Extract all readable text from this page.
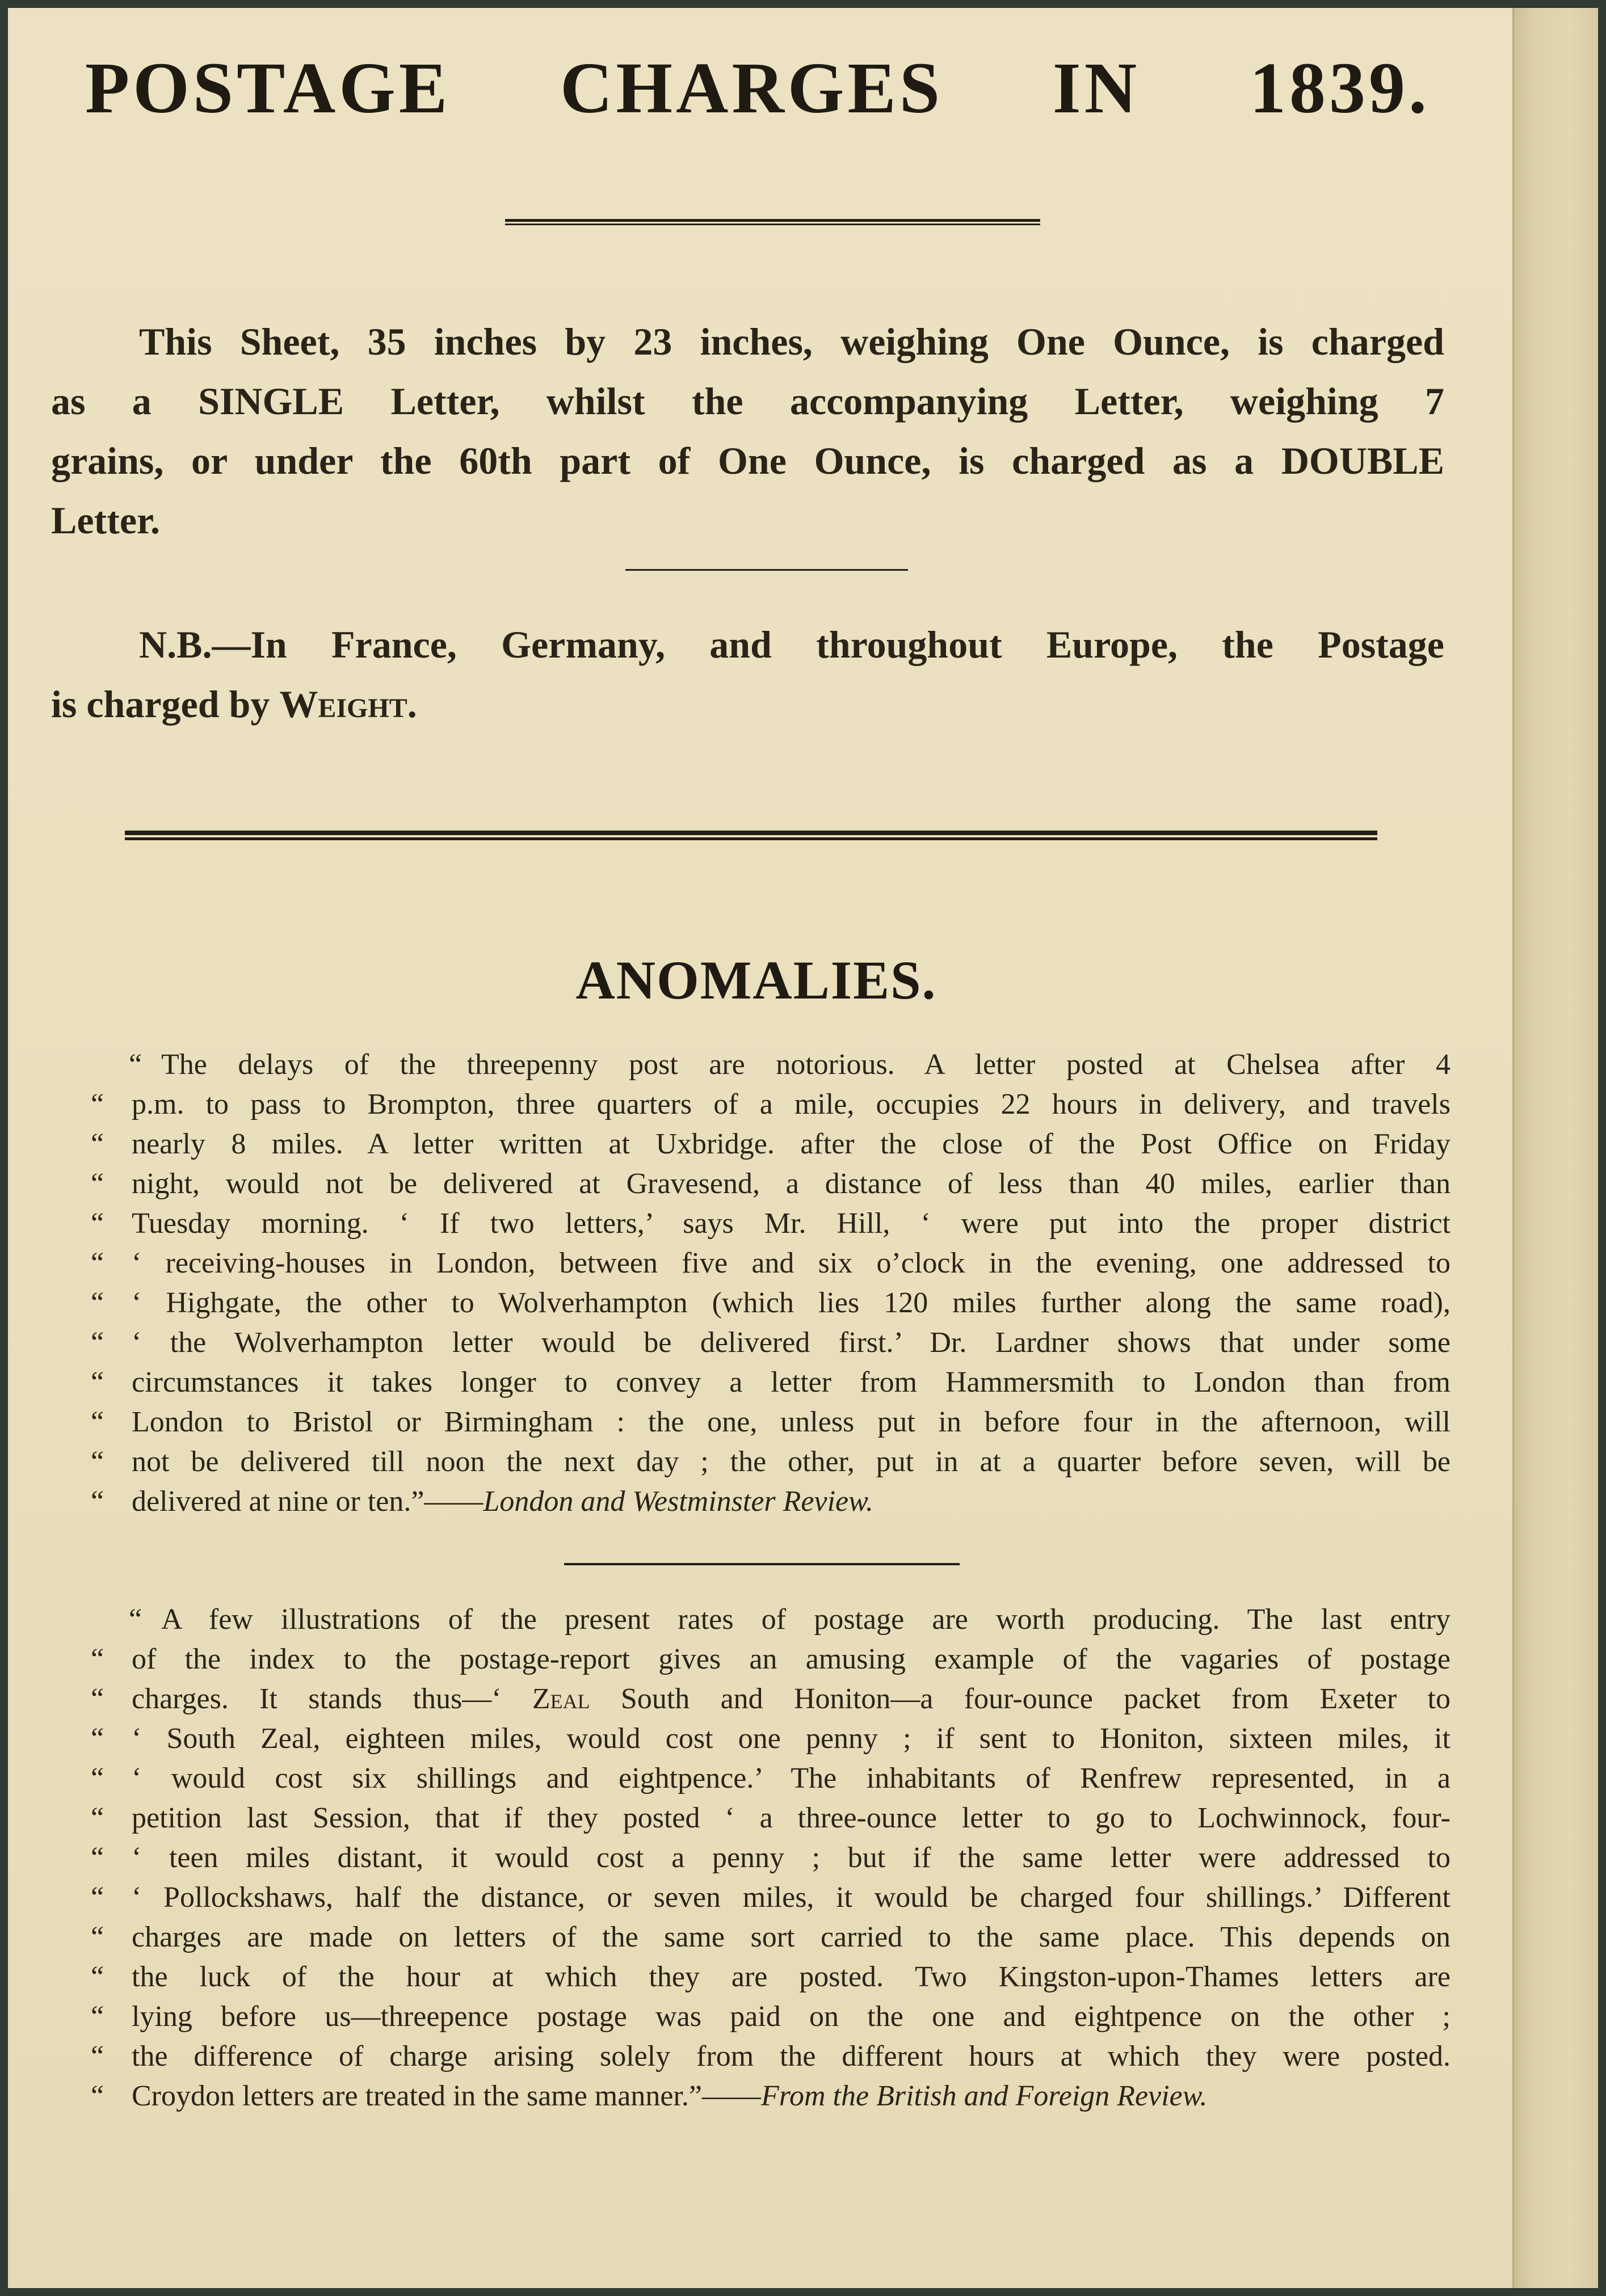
POSTAGE CHARGES IN 1839.
This Sheet, 35 inches by 23 inches, weighing One Ounce, is charged
as a SINGLE Letter, whilst the accompanying Letter, weighing 7
grains, or under the 60th part of One Ounce, is charged as a DOUBLE
Letter.
N.B.—In France, Germany, and throughout Europe, the Postage
is charged by Weight.
ANOMALIES.
“ The delays of the threepenny post are notorious. A letter posted at Chelsea after 4
“ p.m. to pass to Brompton, three quarters of a mile, occupies 22 hours in delivery, and travels
“ nearly 8 miles. A letter written at Uxbridge. after the close of the Post Office on Friday
“ night, would not be delivered at Gravesend, a distance of less than 40 miles, earlier than
“ Tuesday morning. ‘ If two letters,’ says Mr. Hill, ‘ were put into the proper district
“ ‘ receiving-houses in London, between five and six o’clock in the evening, one addressed to
“ ‘ Highgate, the other to Wolverhampton (which lies 120 miles further along the same road),
“ ‘ the Wolverhampton letter would be delivered first.’ Dr. Lardner shows that under some
“ circumstances it takes longer to convey a letter from Hammersmith to London than from
“ London to Bristol or Birmingham : the one, unless put in before four in the afternoon, will
“ not be delivered till noon the next day ; the other, put in at a quarter before seven, will be
“ delivered at nine or ten.”——London and Westminster Review.
“ A few illustrations of the present rates of postage are worth producing. The last entry
“ of the index to the postage-report gives an amusing example of the vagaries of postage
“ charges. It stands thus—‘ Zeal South and Honiton—a four-ounce packet from Exeter to
“ ‘ South Zeal, eighteen miles, would cost one penny ; if sent to Honiton, sixteen miles, it
“ ‘ would cost six shillings and eightpence.’ The inhabitants of Renfrew represented, in a
“ petition last Session, that if they posted ‘ a three-ounce letter to go to Lochwinnock, four-
“ ‘ teen miles distant, it would cost a penny ; but if the same letter were addressed to
“ ‘ Pollockshaws, half the distance, or seven miles, it would be charged four shillings.’ Different
“ charges are made on letters of the same sort carried to the same place. This depends on
“ the luck of the hour at which they are posted. Two Kingston-upon-Thames letters are
“ lying before us—threepence postage was paid on the one and eightpence on the other ;
“ the difference of charge arising solely from the different hours at which they were posted.
“ Croydon letters are treated in the same manner.”——From the British and Foreign Review.
